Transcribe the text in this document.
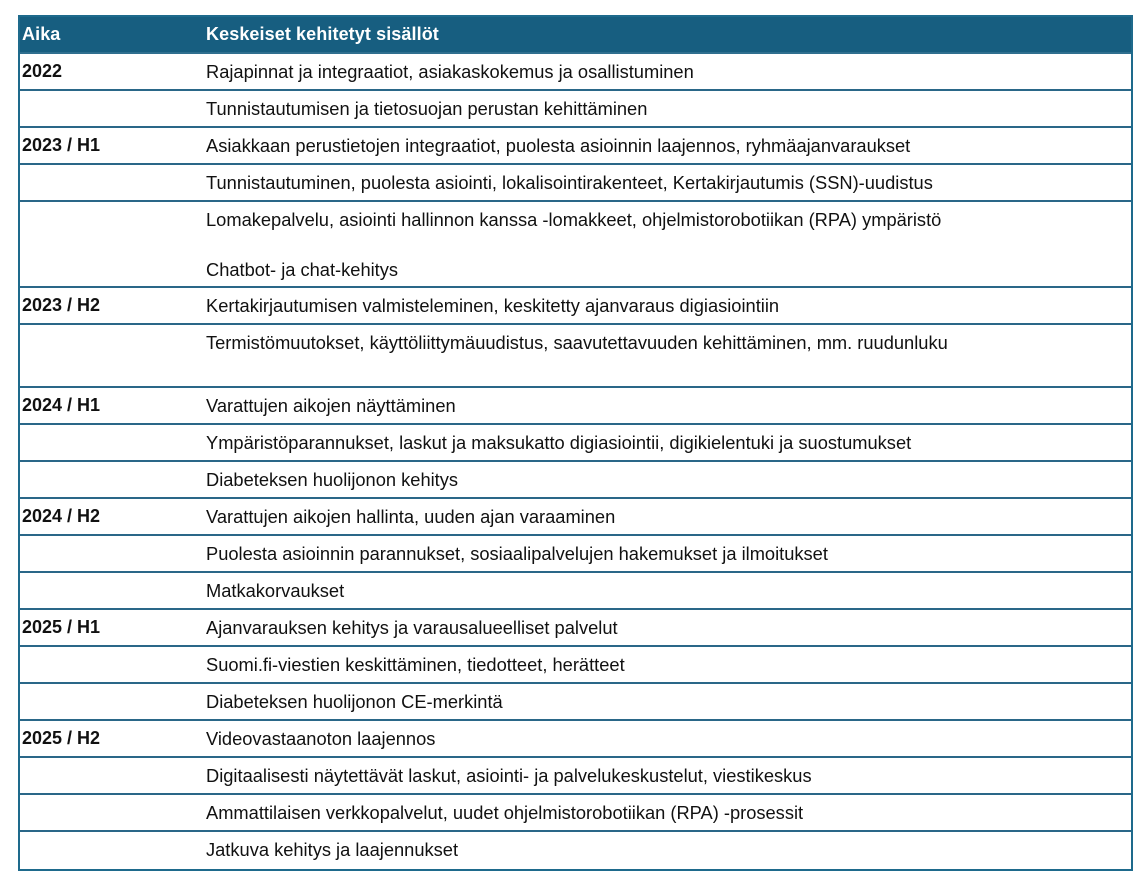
Aika	Keskeiset kehitetyt sisällöt
2022	Rajapinnat ja integraatiot, asiakaskokemus ja osallistuminen
Tunnistautumisen ja tietosuojan perustan kehittäminen
2023 / H1	Asiakkaan perustietojen integraatiot, puolesta asioinnin laajennos, ryhmäajanvaraukset
Tunnistautuminen, puolesta asiointi, lokalisointirakenteet, Kertakirjautumis (SSN)-uudistus
Lomakepalvelu, asiointi hallinnon kanssa -lomakkeet, ohjelmistorobotiikan (RPA) ympäristö
Chatbot- ja chat-kehitys
2023 / H2	Kertakirjautumisen valmisteleminen, keskitetty ajanvaraus digiasiointiin
Termistömuutokset, käyttöliittymäuudistus, saavutettavuuden kehittäminen, mm. ruudunluku
2024 / H1	Varattujen aikojen näyttäminen
Ympäristöparannukset, laskut ja maksukatto digiasiointii, digikielentuki ja suostumukset
Diabeteksen huolijonon kehitys
2024 / H2	Varattujen aikojen hallinta, uuden ajan varaaminen
Puolesta asioinnin parannukset, sosiaalipalvelujen hakemukset ja ilmoitukset
Matkakorvaukset
2025 / H1	Ajanvarauksen kehitys ja varausalueelliset palvelut
Suomi.fi-viestien keskittäminen, tiedotteet, herätteet
Diabeteksen huolijonon CE-merkintä
2025 / H2	Videovastaanoton laajennos
Digitaalisesti näytettävät laskut, asiointi- ja palvelukeskustelut, viestikeskus
Ammattilaisen verkkopalvelut, uudet ohjelmistorobotiikan (RPA) -prosessit
Jatkuva kehitys ja laajennukset
